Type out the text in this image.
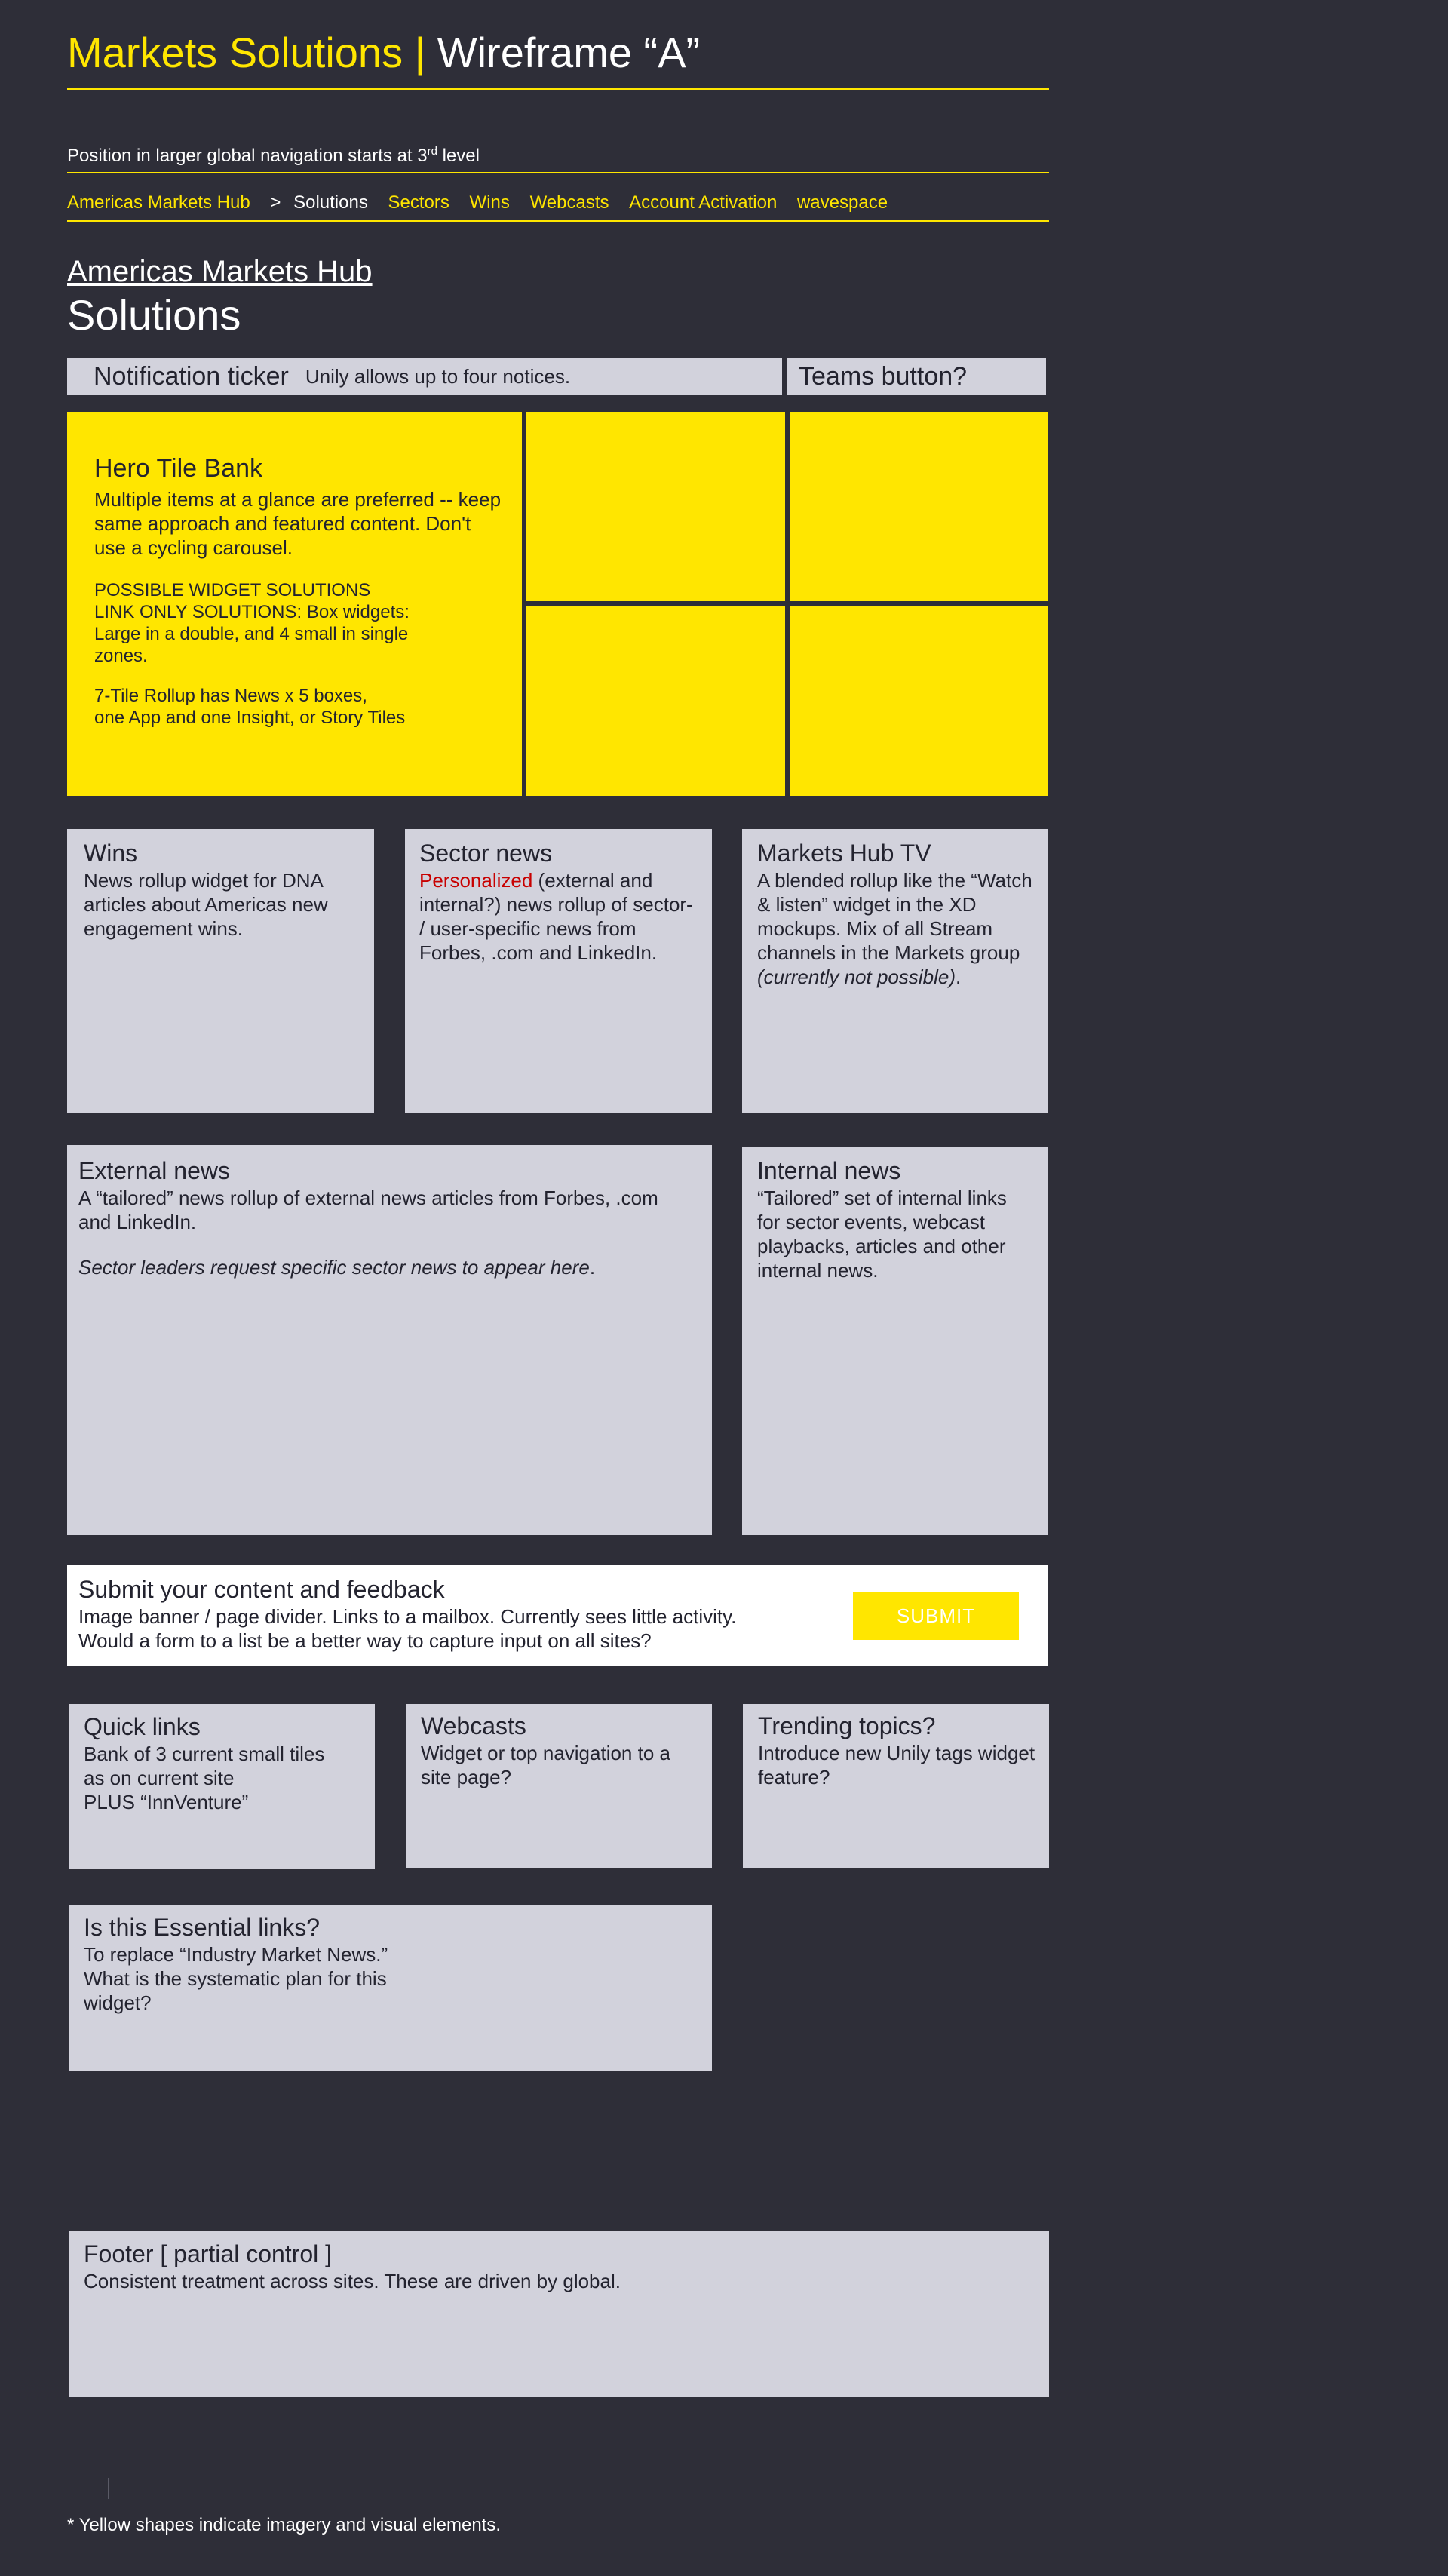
Markets Solutions | Wireframe “A”
Position in larger global navigation starts at 3rd level
Americas Markets Hub > Solutions Sectors Wins Webcasts Account Activation wavespace
Americas Markets Hub
Solutions
Notification ticker Unily allows up to four notices.	Teams button?
Hero Tile Bank

Multiple items at a glance are preferred -- keep same approach and featured content. Don't use a cycling carousel.

POSSIBLE WIDGET SOLUTIONS

LINK ONLY SOLUTIONS: Box widgets:

Large in a double, and 4 small in single zones.

7-Tile Rollup has News x 5 boxes,

one App and one Insight, or Story Tiles

Wins

News rollup widget for DNA articles about Americas new engagement wins.

Sector news

Personalized (external and internal?) news rollup of sector- / user-specific news from Forbes, .com and LinkedIn.

Markets Hub TV

A blended rollup like the “Watch & listen” widget in the XD mockups. Mix of all Stream channels in the Markets group (currently not possible).

External news

A “tailored” news rollup of external news articles from Forbes, .com and LinkedIn.

Sector leaders request specific sector news to appear here.

Internal news

“Tailored” set of internal links for sector events, webcast playbacks, articles and other internal news.

Submit your content and feedback

Image banner / page divider. Links to a mailbox. Currently sees little activity.

Would a form to a list be a better way to capture input on all sites?

SUBMIT
Quick links

Bank of 3 current small tiles

as on current site

PLUS “InnVenture”

Webcasts

Widget or top navigation to a site page?

Trending topics?

Introduce new Unily tags widget feature?

Is this Essential links?

To replace “Industry Market News.”

What is the systematic plan for this

widget?

Footer [ partial control ]

Consistent treatment across sites. These are driven by global.

* Yellow shapes indicate imagery and visual elements.
